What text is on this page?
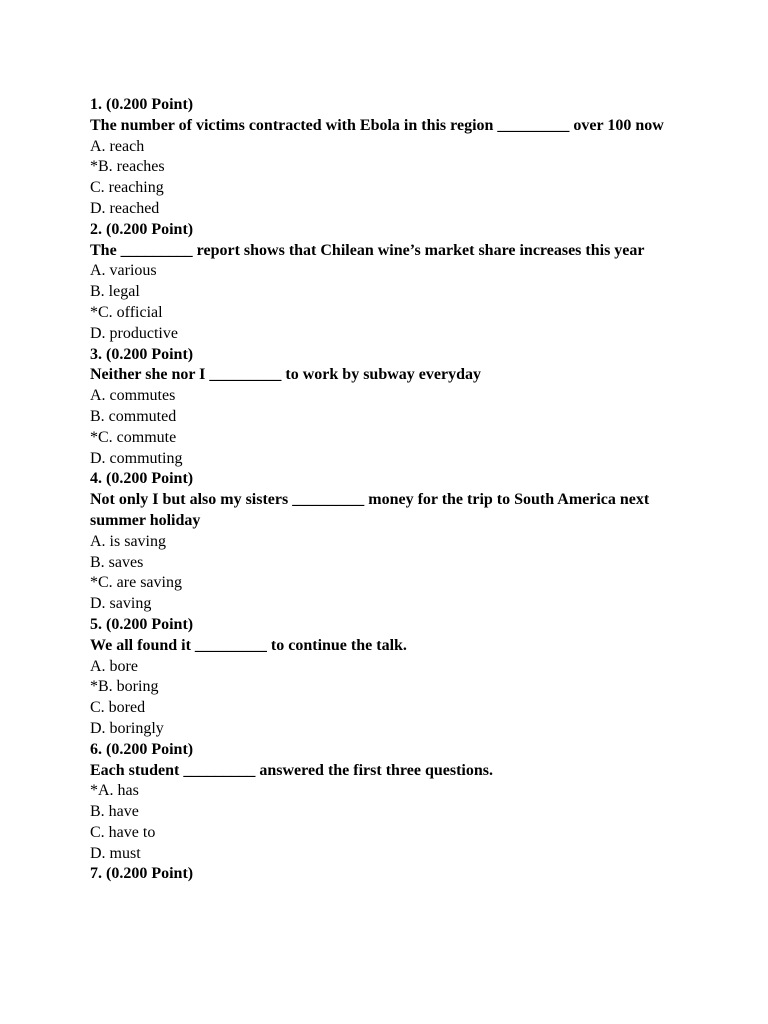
1. (0.200 Point)
The number of victims contracted with Ebola in this region _________ over 100 now
A. reach
*B. reaches
C. reaching
D. reached
2. (0.200 Point)
The _________ report shows that Chilean wine’s market share increases this year
A. various
B. legal
*C. official
D. productive
3. (0.200 Point)
Neither she nor I _________ to work by subway everyday
A. commutes
B. commuted
*C. commute
D. commuting
4. (0.200 Point)
Not only I but also my sisters _________ money for the trip to South America next summer holiday
A. is saving
B. saves
*C. are saving
D. saving
5. (0.200 Point)
We all found it _________ to continue the talk.
A. bore
*B. boring
C. bored
D. boringly
6. (0.200 Point)
Each student _________ answered the first three questions.
*A. has
B. have
C. have to
D. must
7. (0.200 Point)
